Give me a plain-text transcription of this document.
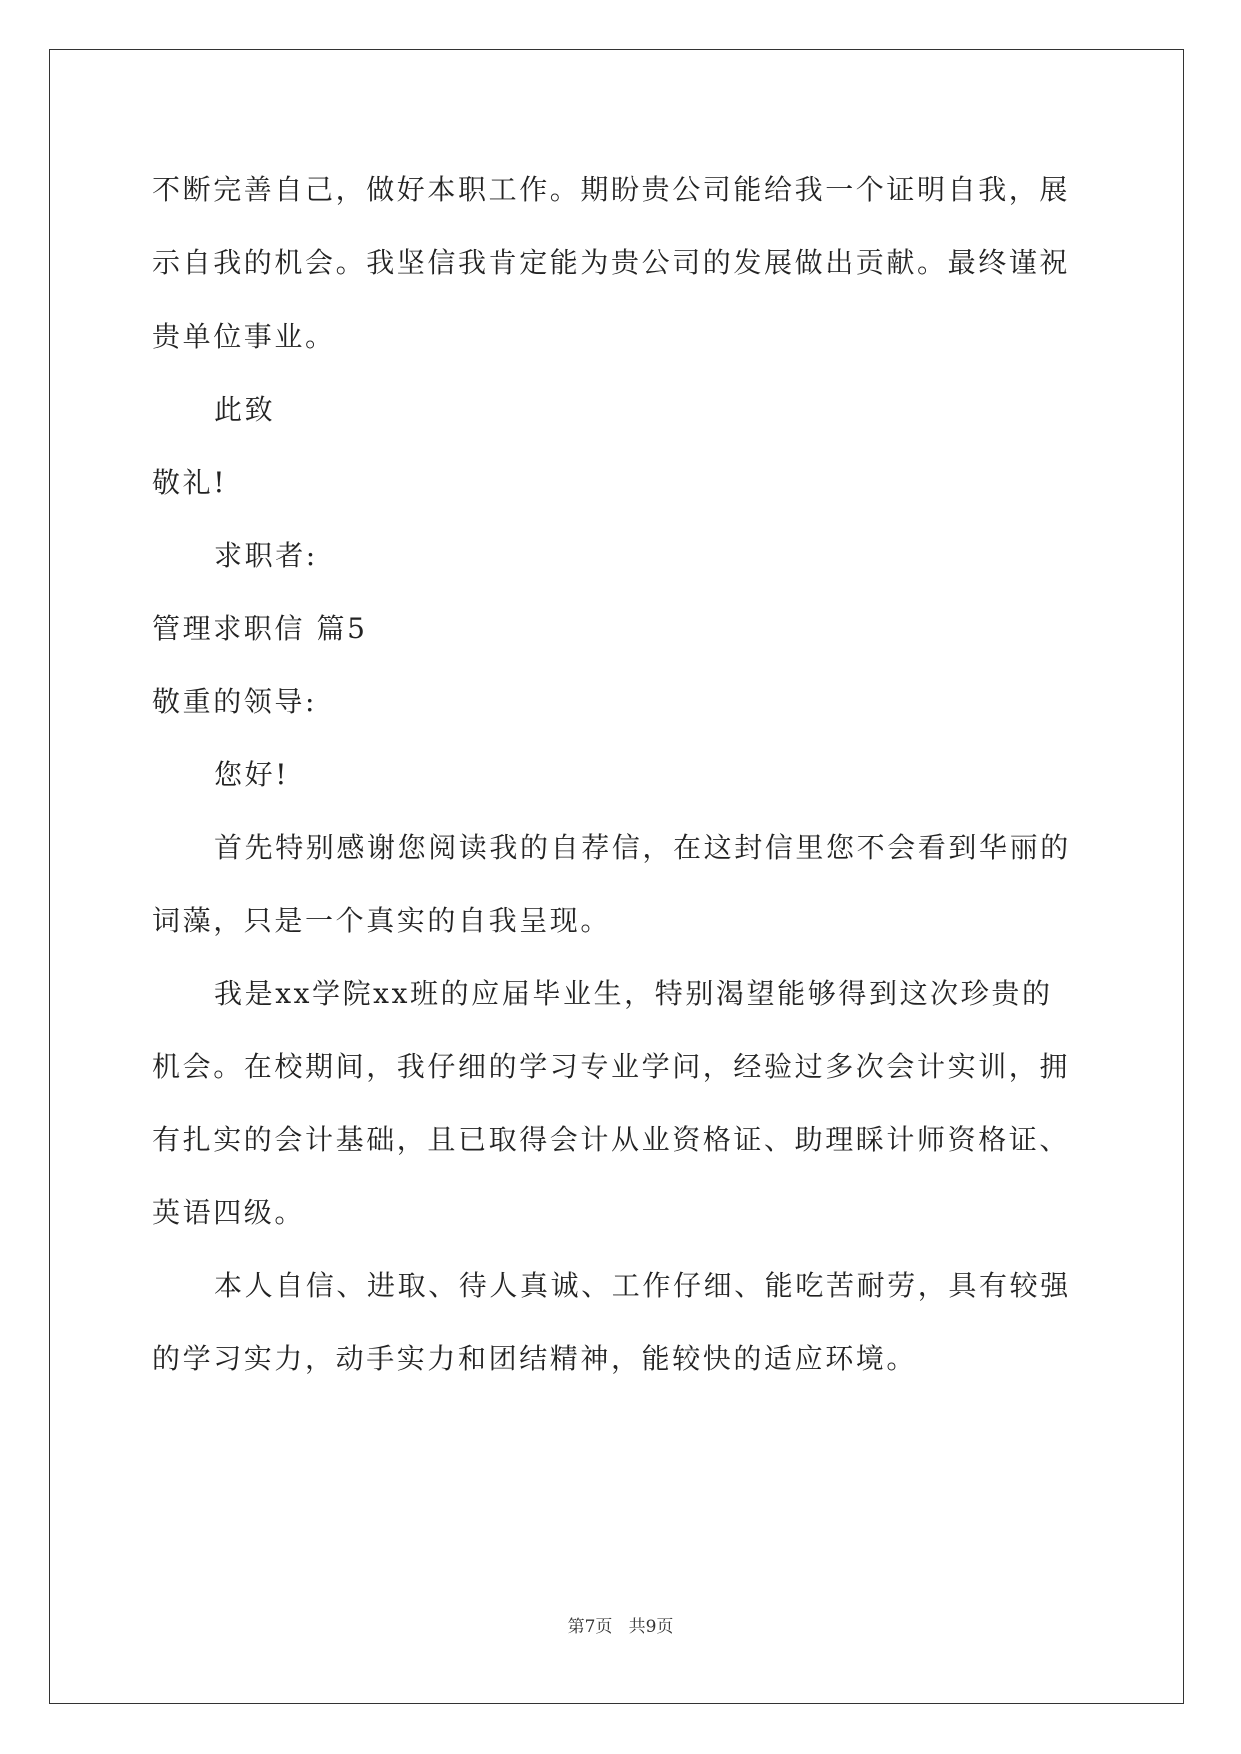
不断完善自己，做好本职工作。期盼贵公司能给我一个证明自我，展

示自我的机会。我坚信我肯定能为贵公司的发展做出贡献。最终谨祝

贵单位事业。

此致

敬礼!

求职者:

管理求职信 篇5

敬重的领导:

您好!

首先特别感谢您阅读我的自荐信，在这封信里您不会看到华丽的

词藻，只是一个真实的自我呈现。

我是xx学院xx班的应届毕业生，特别渴望能够得到这次珍贵的

机会。在校期间，我仔细的学习专业学问，经验过多次会计实训，拥

有扎实的会计基础，且已取得会计从业资格证、助理睬计师资格证、

英语四级。

本人自信、进取、待人真诚、工作仔细、能吃苦耐劳，具有较强

的学习实力，动手实力和团结精神，能较快的适应环境。

第7页   共9页
